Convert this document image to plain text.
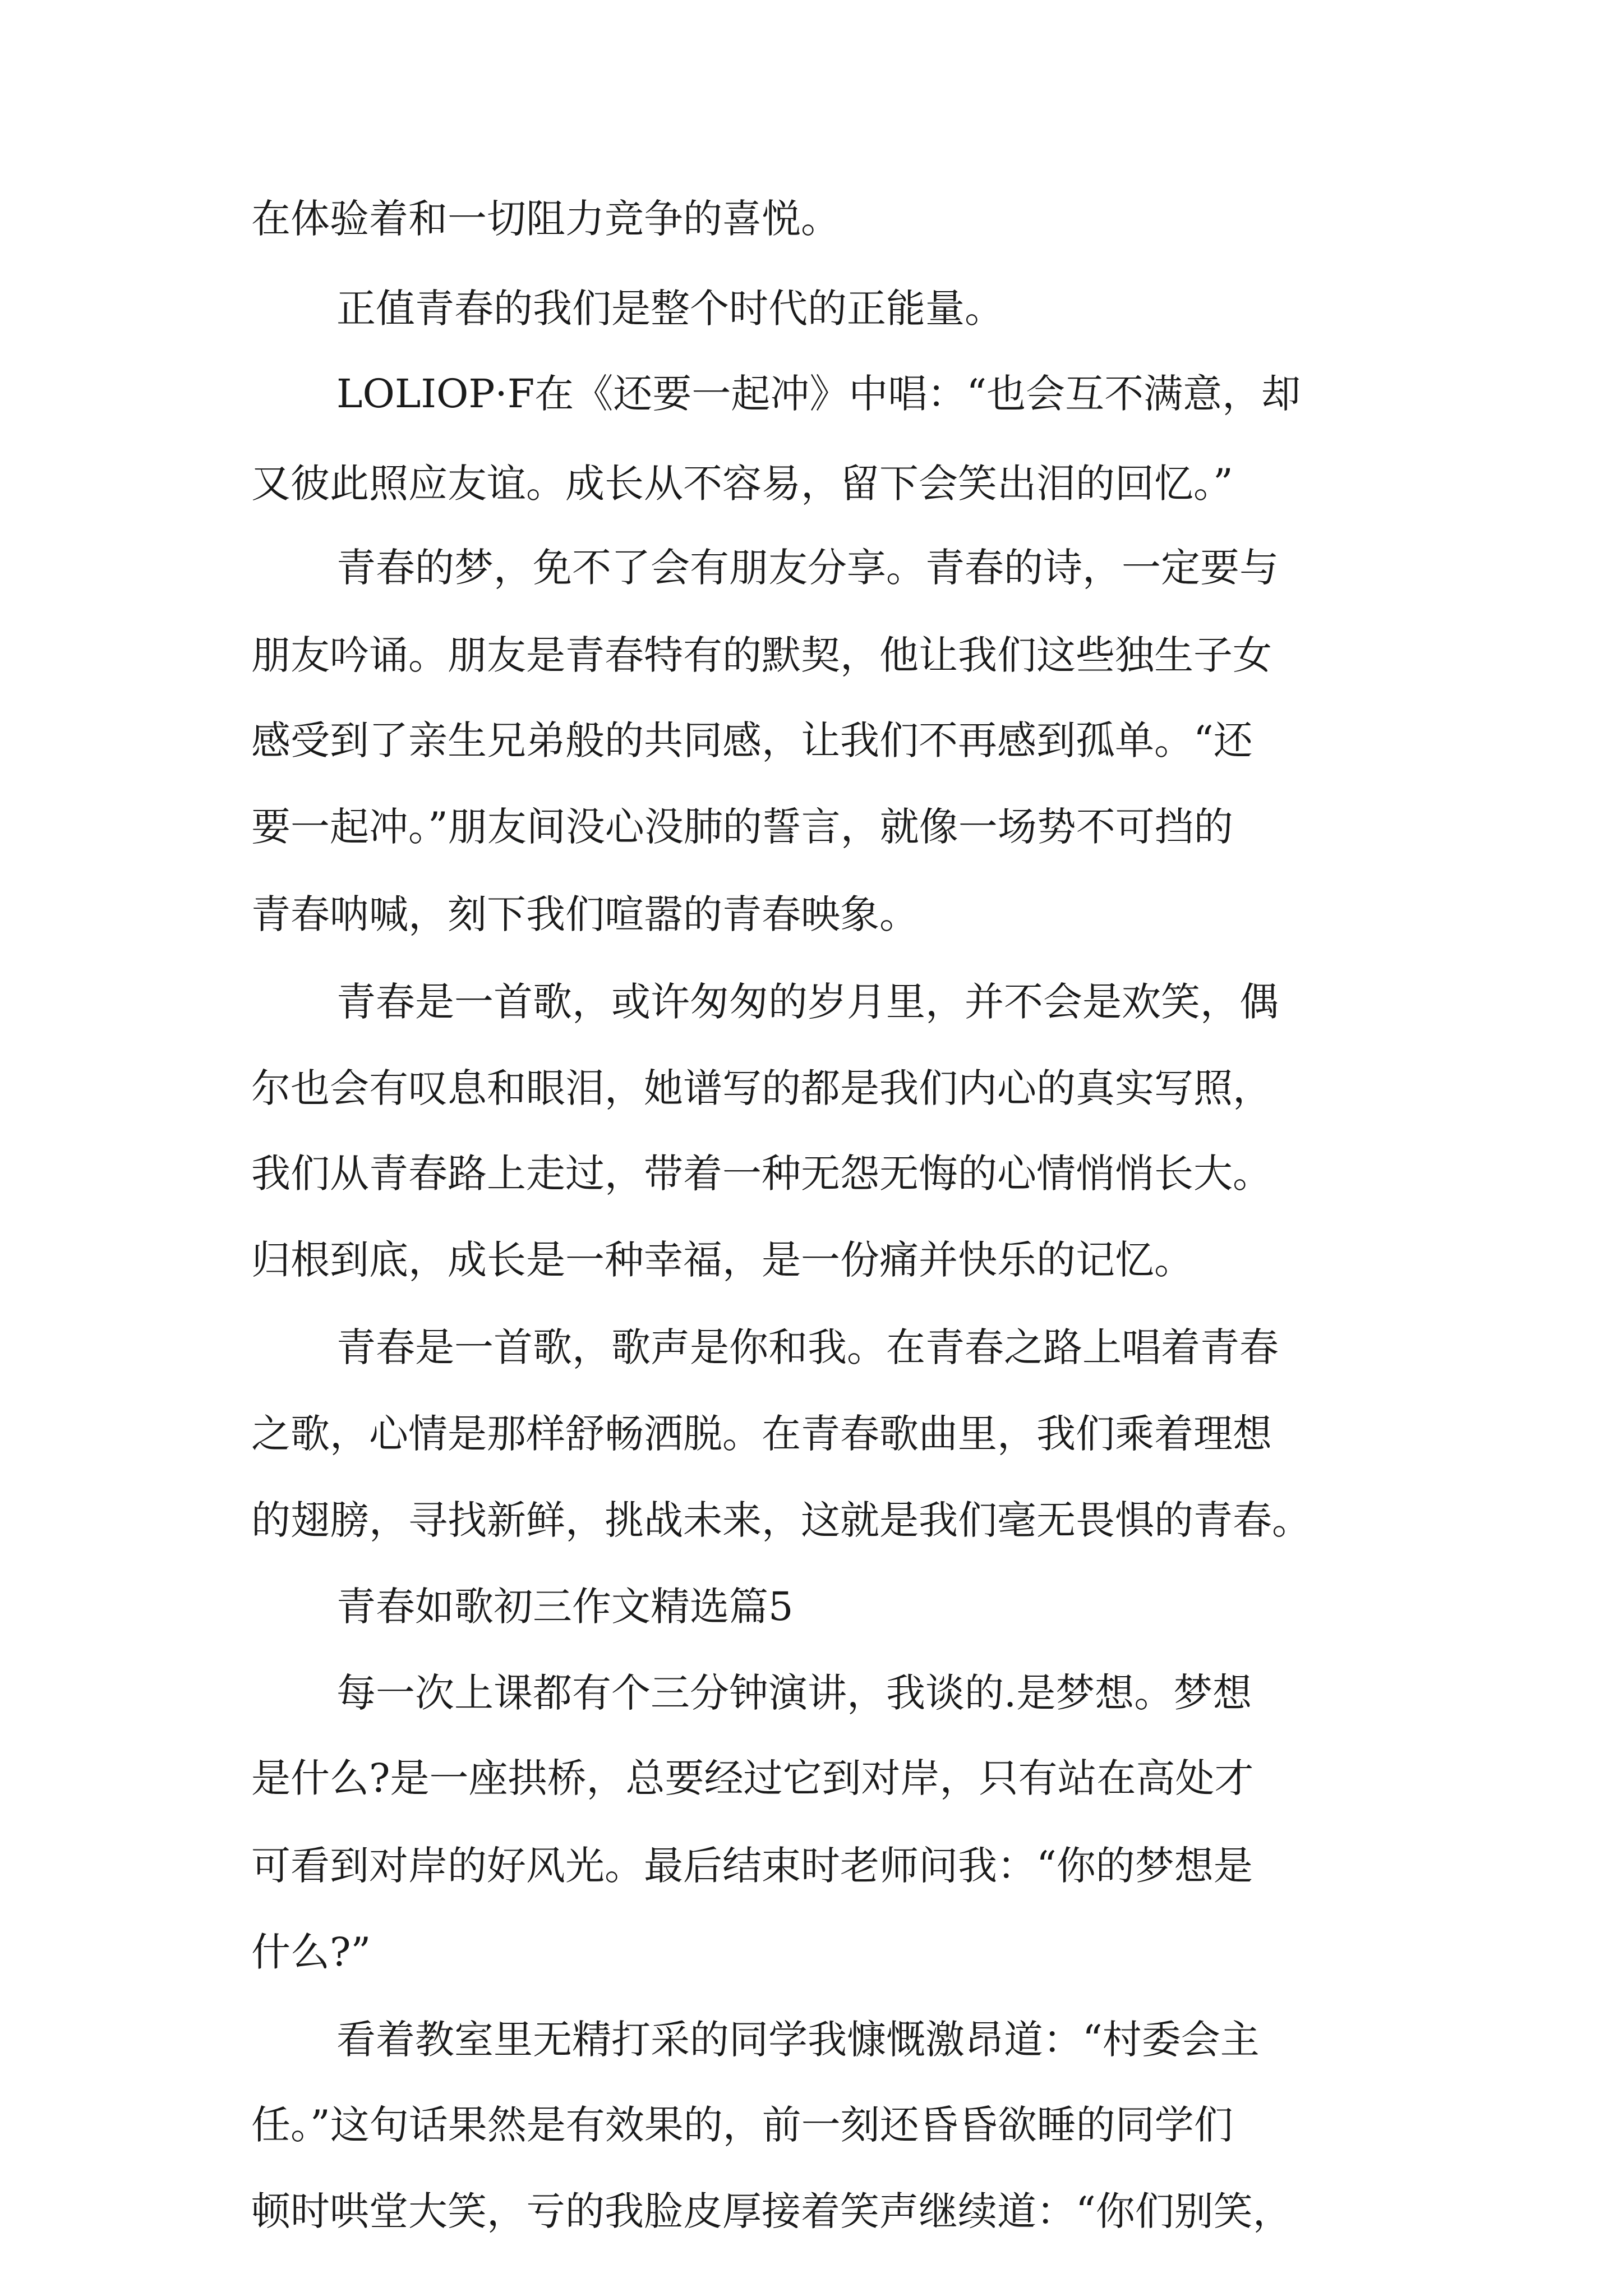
在体验着和一切阻力竞争的喜悦。

正值青春的我们是整个时代的正能量。

LOLIOP·F在《还要一起冲》中唱：“也会互不满意，却

又彼此照应友谊。成长从不容易，留下会笑出泪的回忆。”

青春的梦，免不了会有朋友分享。青春的诗，一定要与

朋友吟诵。朋友是青春特有的默契，他让我们这些独生子女

感受到了亲生兄弟般的共同感，让我们不再感到孤单。“还

要一起冲。”朋友间没心没肺的誓言，就像一场势不可挡的

青春呐喊，刻下我们喧嚣的青春映象。

青春是一首歌，或许匆匆的岁月里，并不会是欢笑，偶

尔也会有叹息和眼泪，她谱写的都是我们内心的真实写照，

我们从青春路上走过，带着一种无怨无悔的心情悄悄长大。

归根到底，成长是一种幸福，是一份痛并快乐的记忆。

青春是一首歌，歌声是你和我。在青春之路上唱着青春

之歌，心情是那样舒畅洒脱。在青春歌曲里，我们乘着理想

的翅膀，寻找新鲜，挑战未来，这就是我们毫无畏惧的青春。

青春如歌初三作文精选篇5

每一次上课都有个三分钟演讲，我谈的.是梦想。梦想

是什么?是一座拱桥，总要经过它到对岸，只有站在高处才

可看到对岸的好风光。最后结束时老师问我：“你的梦想是

什么?”

看着教室里无精打采的同学我慷慨激昂道：“村委会主

任。”这句话果然是有效果的，前一刻还昏昏欲睡的同学们

顿时哄堂大笑，亏的我脸皮厚接着笑声继续道：“你们别笑，
